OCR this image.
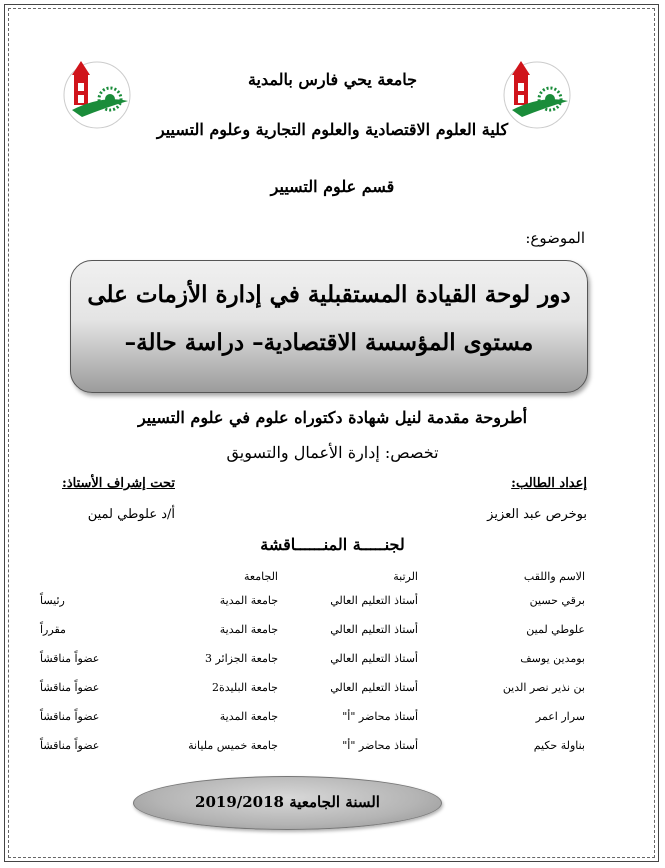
جامعة يحي فارس بالمدية
كلية العلوم الاقتصادية والعلوم التجارية وعلوم التسيير
قسم علوم التسيير
الموضوع:
دور لوحة القيادة المستقبلية في إدارة الأزمات على
مستوى المؤسسة الاقتصادية– دراسة حالة–
أطروحة مقدمة لنيل شهادة دكتوراه علوم في علوم التسيير
تخصص: إدارة الأعمال والتسويق
إعداد الطالب:
بوخرص عبد العزيز
تحت إشراف الأستاذ:
أ/د علوطي لمين
لجنـــــة المنــــــاقشة
الاسم واللقب	الرتبة	الجامعة	
برقي حسين	أستاذ التعليم العالي	جامعة المدية	رئيساً
علوطي لمين	أستاذ التعليم العالي	جامعة المدية	مقرراً
بومدين يوسف	أستاذ التعليم العالي	جامعة الجزائر 3	عضواً مناقشاً
بن نذير نصر الدين	أستاذ التعليم العالي	جامعة البليدة2	عضواً مناقشاً
سرار اعمر	أستاذ محاضر "أ"	جامعة المدية	عضواً مناقشاً
بناولة حكيم	أستاذ محاضر "أ"	جامعة خميس مليانة	عضواً مناقشاً
السنة الجامعية 2019/2018
